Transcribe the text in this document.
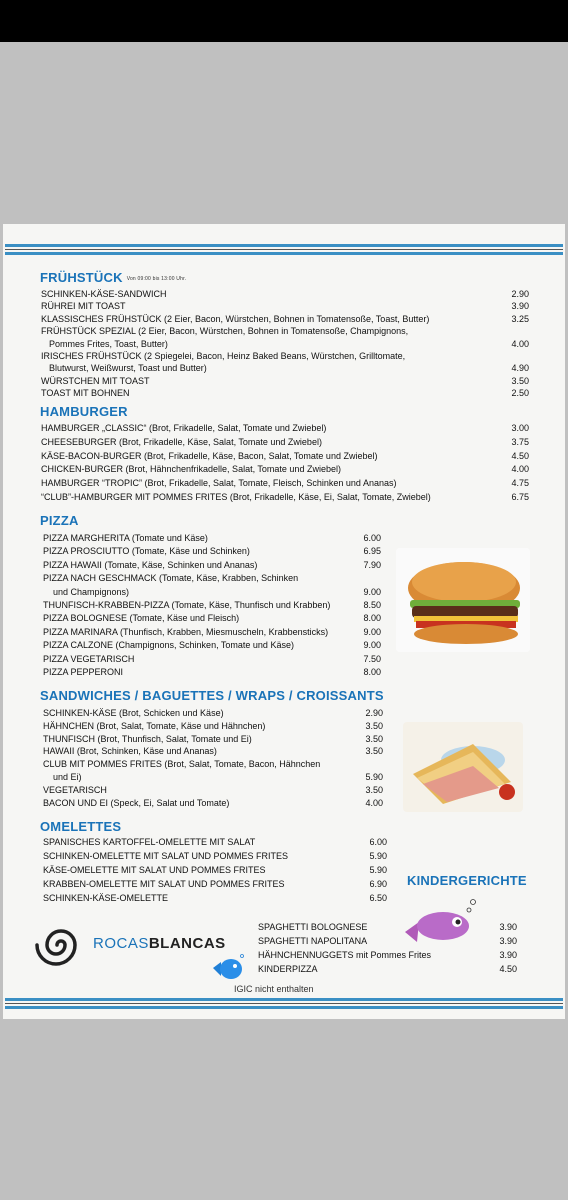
FRÜHSTÜCK Von 09:00 bis 13:00 Uhr.
SCHINKEN-KÄSE-SANDWICH	2.90
RÜHREI MIT TOAST	3.90
KLASSISCHES FRÜHSTÜCK (2 Eier, Bacon, Würstchen, Bohnen in Tomatensoße, Toast, Butter)	3.25
FRÜHSTÜCK SPEZIAL (2 Eier, Bacon, Würstchen, Bohnen in Tomatensoße, Champignons,
Pommes Frites, Toast, Butter)	4.00
IRISCHES FRÜHSTÜCK (2 Spiegelei, Bacon, Heinz Baked Beans, Würstchen, Grilltomate,
Blutwurst, Weißwurst, Toast und Butter)	4.90
WÜRSTCHEN MIT TOAST	3.50
TOAST MIT BOHNEN	2.50
HAMBURGER
HAMBURGER „CLASSIC“ (Brot, Frikadelle, Salat, Tomate und Zwiebel)	3.00
CHEESEBURGER (Brot, Frikadelle, Käse, Salat, Tomate und Zwiebel)	3.75
KÄSE-BACON-BURGER (Brot, Frikadelle, Käse, Bacon, Salat, Tomate und Zwiebel)	4.50
CHICKEN-BURGER (Brot, Hähnchenfrikadelle, Salat, Tomate und Zwiebel)	4.00
HAMBURGER “TROPIC” (Brot, Frikadelle, Salat, Tomate, Fleisch, Schinken und Ananas)	4.75
“CLUB”-HAMBURGER MIT POMMES FRITES (Brot, Frikadelle, Käse, Ei, Salat, Tomate, Zwiebel)	6.75
PIZZA
PIZZA MARGHERITA (Tomate und Käse)	6.00
PIZZA PROSCIUTTO (Tomate, Käse und Schinken)	6.95
PIZZA HAWAII (Tomate, Käse, Schinken und Ananas)	7.90
PIZZA NACH GESCHMACK (Tomate, Käse, Krabben, Schinken
und Champignons)	9.00
THUNFISCH-KRABBEN-PIZZA (Tomate, Käse, Thunfisch und Krabben)	8.50
PIZZA BOLOGNESE (Tomate, Käse und Fleisch)	8.00
PIZZA MARINARA (Thunfisch, Krabben, Miesmuscheln, Krabbensticks)	9.00
PIZZA CALZONE (Champignons, Schinken, Tomate und Käse)	9.00
PIZZA VEGETARISCH	7.50
PIZZA PEPPERONI	8.00
SANDWICHES / BAGUETTES / WRAPS / CROISSANTS
SCHINKEN-KÄSE (Brot, Schicken und Käse)	2.90
HÄHNCHEN (Brot, Salat, Tomate, Käse und Hähnchen)	3.50
THUNFISCH (Brot, Thunfisch, Salat, Tomate und Ei)	3.50
HAWAII (Brot, Schinken, Käse und Ananas)	3.50
CLUB MIT POMMES FRITES (Brot, Salat, Tomate, Bacon, Hähnchen
und Ei)	5.90
VEGETARISCH	3.50
BACON UND EI (Speck, Ei, Salat und Tomate)	4.00
OMELETTES
SPANISCHES KARTOFFEL-OMELETTE MIT SALAT	6.00
SCHINKEN-OMELETTE MIT SALAT UND POMMES FRITES	5.90
KÄSE-OMELETTE MIT SALAT UND POMMES FRITES	5.90
KRABBEN-OMELETTE MIT SALAT UND POMMES FRITES	6.90
SCHINKEN-KÄSE-OMELETTE	6.50
KINDERGERICHTE
SPAGHETTI BOLOGNESE	3.90
SPAGHETTI NAPOLITANA	3.90
HÄHNCHENNUGGETS mit Pommes Frites	3.90
KINDERPIZZA	4.50
ROCASBLANCAS
IGIC nicht enthalten
